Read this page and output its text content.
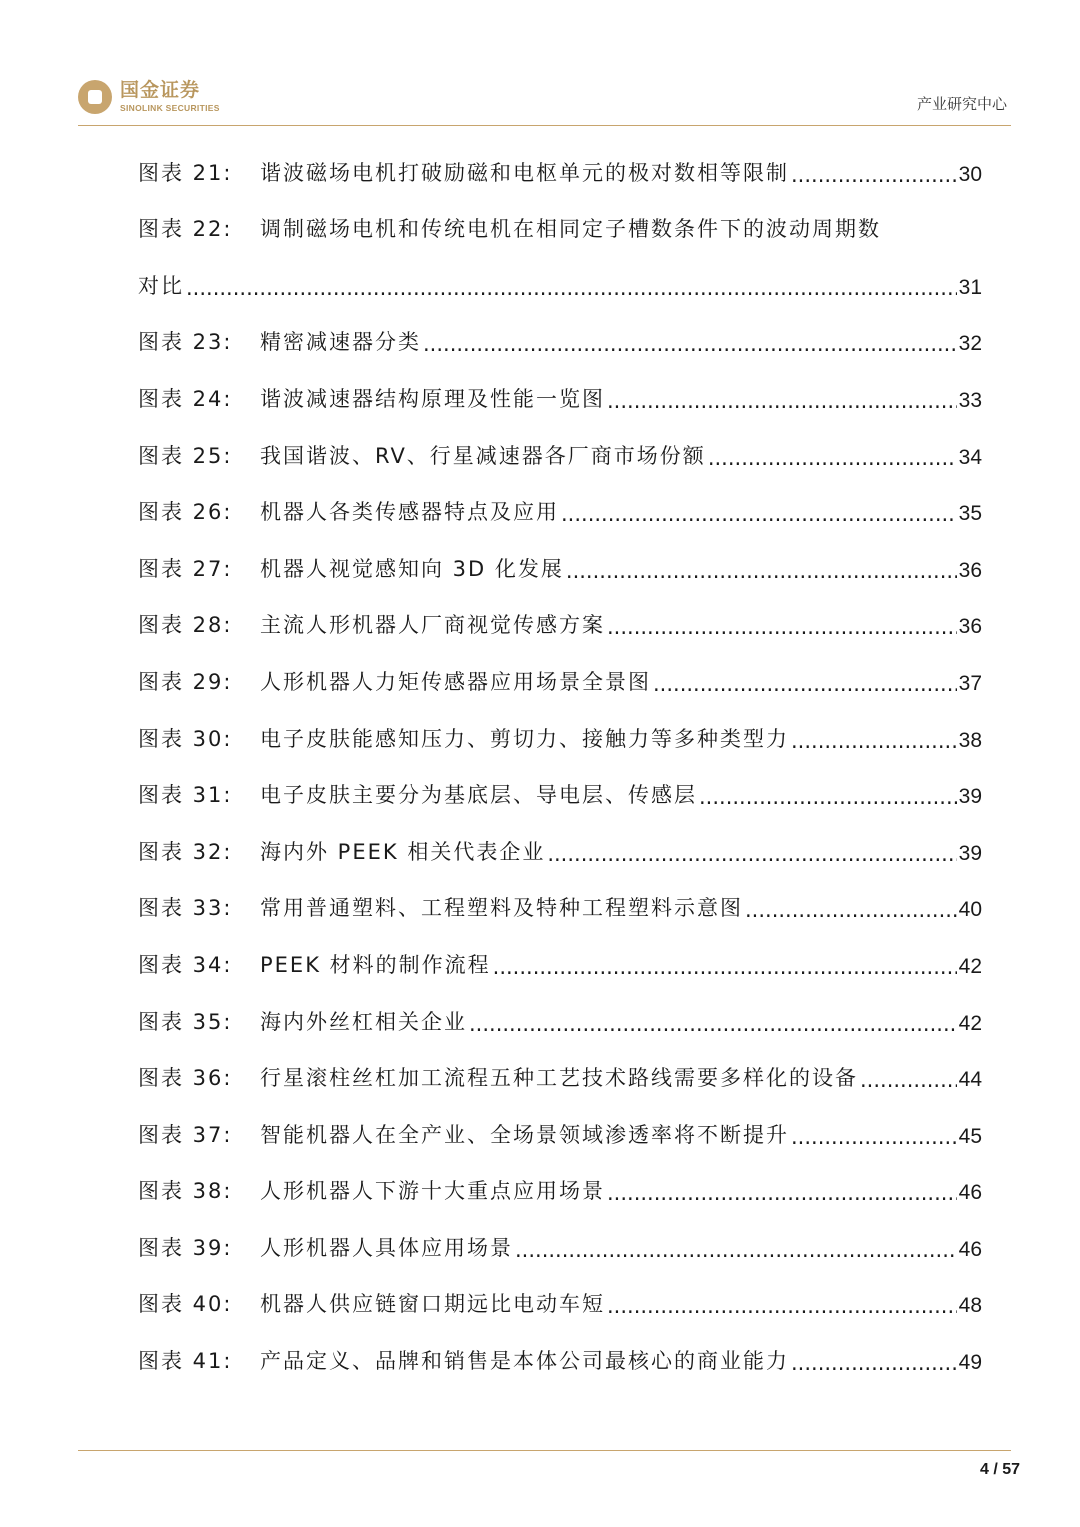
国金证券
SINOLINK SECURITIES	产业研究中心
图表 21:	谐波磁场电机打破励磁和电枢单元的极对数相等限制 .....	30
图表 22:	调制磁场电机和传统电机在相同定子槽数条件下的波动周期数
对比 .....	31
图表 23:	精密减速器分类 .....	32
图表 24:	谐波减速器结构原理及性能一览图 .....	33
图表 25:	我国谐波、RV、行星减速器各厂商市场份额 .....	34
图表 26:	机器人各类传感器特点及应用 .....	35
图表 27:	机器人视觉感知向 3D 化发展 .....	36
图表 28:	主流人形机器人厂商视觉传感方案 .....	36
图表 29:	人形机器人力矩传感器应用场景全景图 .....	37
图表 30:	电子皮肤能感知压力、剪切力、接触力等多种类型力 .....	38
图表 31:	电子皮肤主要分为基底层、导电层、传感层 .....	39
图表 32:	海内外 PEEK 相关代表企业 .....	39
图表 33:	常用普通塑料、工程塑料及特种工程塑料示意图 .....	40
图表 34:	PEEK 材料的制作流程 .....	42
图表 35:	海内外丝杠相关企业 .....	42
图表 36:	行星滚柱丝杠加工流程五种工艺技术路线需要多样化的设备 .....	44
图表 37:	智能机器人在全产业、全场景领域渗透率将不断提升 .....	45
图表 38:	人形机器人下游十大重点应用场景 .....	46
图表 39:	人形机器人具体应用场景 .....	46
图表 40:	机器人供应链窗口期远比电动车短 .....	48
图表 41:	产品定义、品牌和销售是本体公司最核心的商业能力 .....	49
4 / 57
